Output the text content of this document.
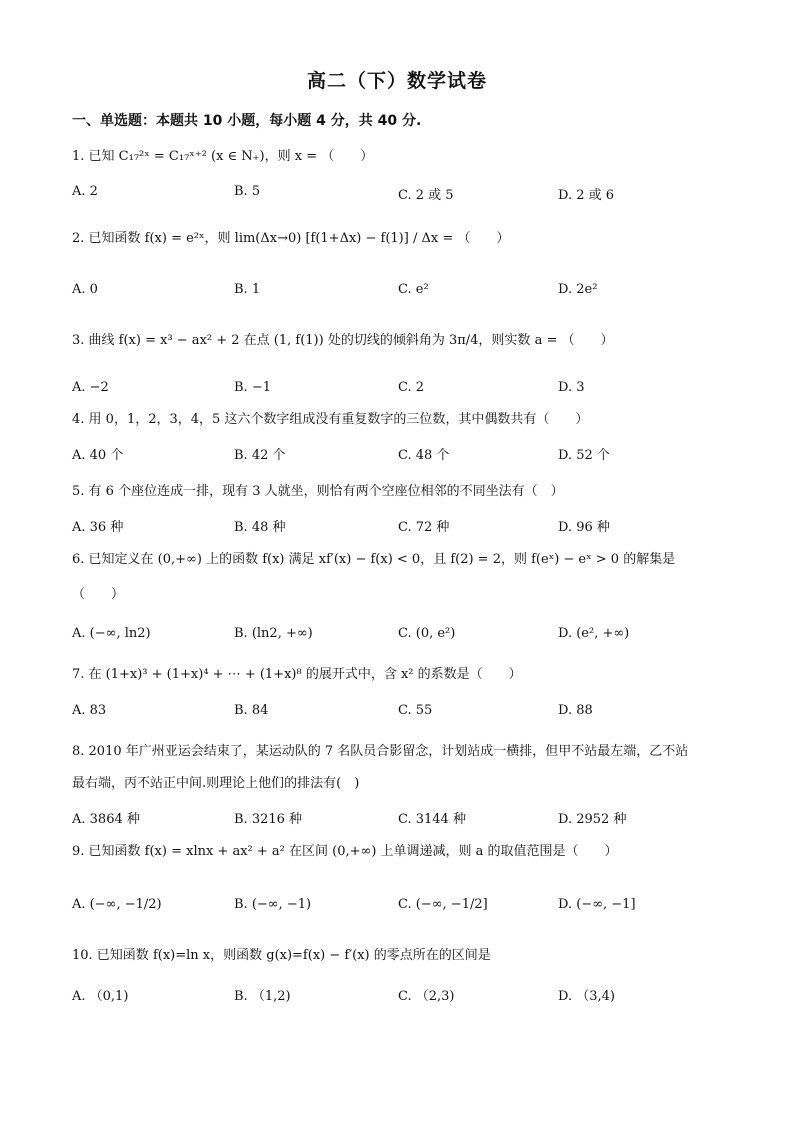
高二（下）数学试卷
一、单选题：本题共 10 小题，每小题 4 分，共 40 分.
1. 已知 C₁₇²ˣ = C₁₇ˣ⁺² (x ∈ N₊)，则 x = （　　）
A. 2	B. 5	C. 2 或 5	D. 2 或 6
2. 已知函数 f(x) = e²ˣ，则 lim(Δx→0) [f(1+Δx) − f(1)] / Δx = （　　）
A. 0	B. 1	C. e²	D. 2e²
3. 曲线 f(x) = x³ − ax² + 2 在点 (1, f(1)) 处的切线的倾斜角为 3π/4，则实数 a = （　　）
A. −2	B. −1	C. 2	D. 3
4. 用 0，1，2，3，4，5 这六个数字组成没有重复数字的三位数，其中偶数共有（　　）
A. 40 个	B. 42 个	C. 48 个	D. 52 个
5. 有 6 个座位连成一排，现有 3 人就坐，则恰有两个空座位相邻的不同坐法有（　）
A. 36 种	B. 48 种	C. 72 种	D. 96 种
6. 已知定义在 (0,+∞) 上的函数 f(x) 满足 xf′(x) − f(x) < 0，且 f(2) = 2，则 f(eˣ) − eˣ > 0 的解集是
（　　）
A. (−∞, ln2)	B. (ln2, +∞)	C. (0, e²)	D. (e², +∞)
7. 在 (1+x)³ + (1+x)⁴ + ⋯ + (1+x)⁸ 的展开式中，含 x² 的系数是（　　）
A. 83	B. 84	C. 55	D. 88
8. 2010 年广州亚运会结束了，某运动队的 7 名队员合影留念，计划站成一横排，但甲不站最左端，乙不站
最右端，丙不站正中间.则理论上他们的排法有(　)
A. 3864 种	B. 3216 种	C. 3144 种	D. 2952 种
9. 已知函数 f(x) = xlnx + ax² + a² 在区间 (0,+∞) 上单调递减，则 a 的取值范围是（　　）
A. (−∞, −1/2)	B. (−∞, −1)	C. (−∞, −1/2]	D. (−∞, −1]
10. 已知函数 f(x)=ln x，则函数 g(x)=f(x) − f′(x) 的零点所在的区间是
A. （0,1)	B. （1,2)	C. （2,3)	D. （3,4)
